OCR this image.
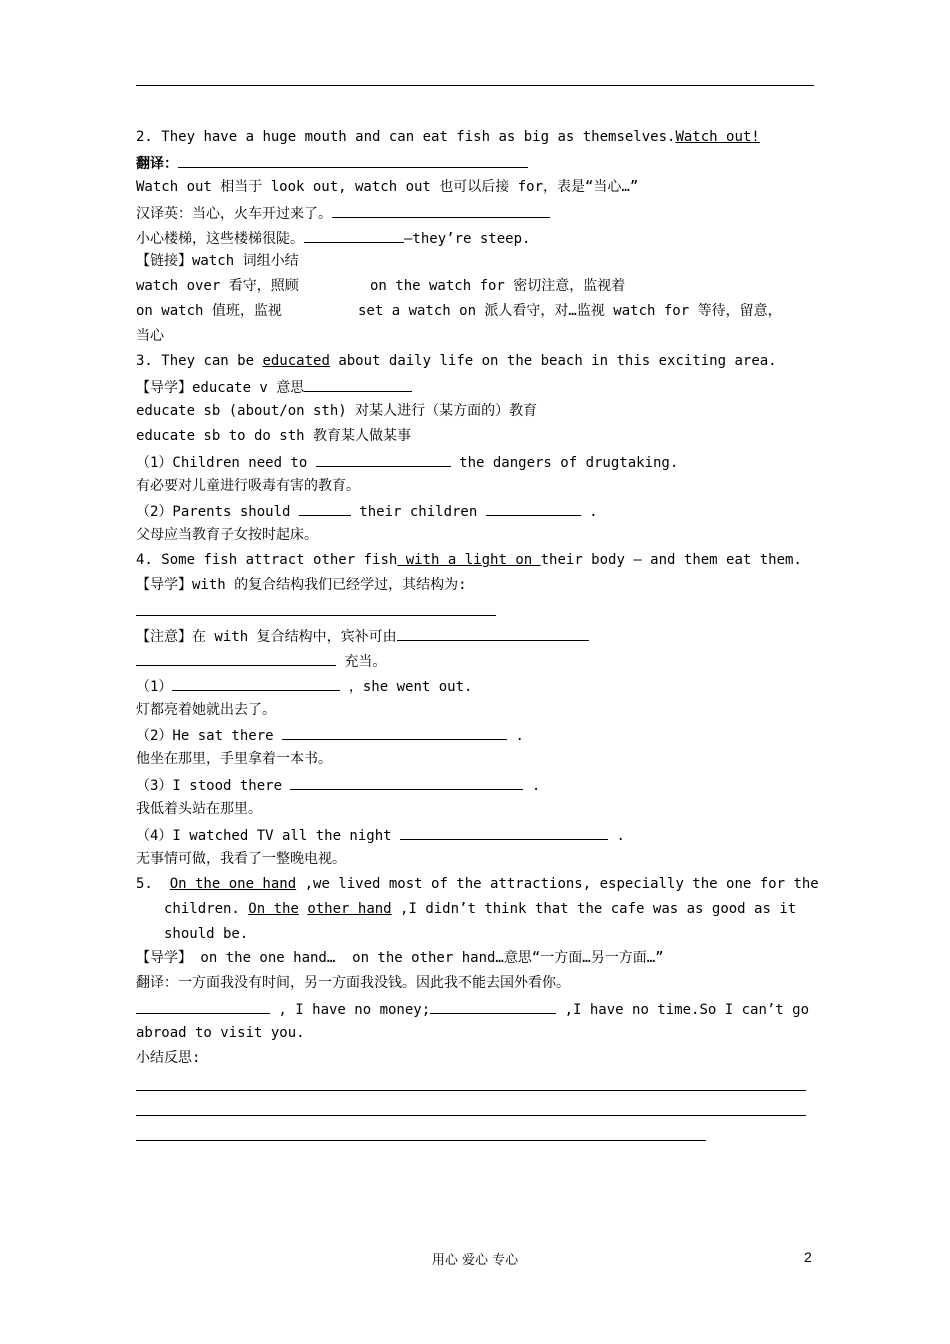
2. They have a huge mouth and can eat fish as big as themselves.Watch out!
翻译：
Watch out 相当于 look out, watch out 也可以后接 for，表是“当心…”
汉译英：当心，火车开过来了。
小心楼梯，这些楼梯很陡。	—they’re steep.
【链接】watch 词组小结
watch over 看守，照顾	on the watch for 密切注意，监视着
on watch 值班，监视	set a watch on 派人看守，对…监视 watch for 等待，留意，
当心
3. They can be educated about daily life on the beach in this exciting area.
【导学】educate v 意思
educate sb (about/on sth) 对某人进行（某方面的）教育
educate sb to do sth 教育某人做某事
（1）Children need to	the dangers of drugtaking.
有必要对儿童进行吸毒有害的教育。
（2）Parents should	their children	.
父母应当教育子女按时起床。
4. Some fish attract other fish with a light on their body – and them eat them.
【导学】with 的复合结构我们已经学过，其结构为:
【注意】在 with 复合结构中，宾补可由
充当。
（1）	，she went out.
灯都亮着她就出去了。
（2）He sat there	.
他坐在那里，手里拿着一本书。
（3）I stood there	.
我低着头站在那里。
（4）I watched TV all the night	.
无事情可做，我看了一整晚电视。
5. On the one hand ,we lived most of the attractions, especially the one for the
children. On the other hand ,I didn’t think that the cafe was as good as it
should be.
【导学】 on the one hand…  on the other hand…意思“一方面…另一方面…”
翻译：一方面我没有时间，另一方面我没钱。因此我不能去国外看你。
, I have no money;	,I have no time.So I can’t go
abroad to visit you.
小结反思:
用心 爱心 专心	2
